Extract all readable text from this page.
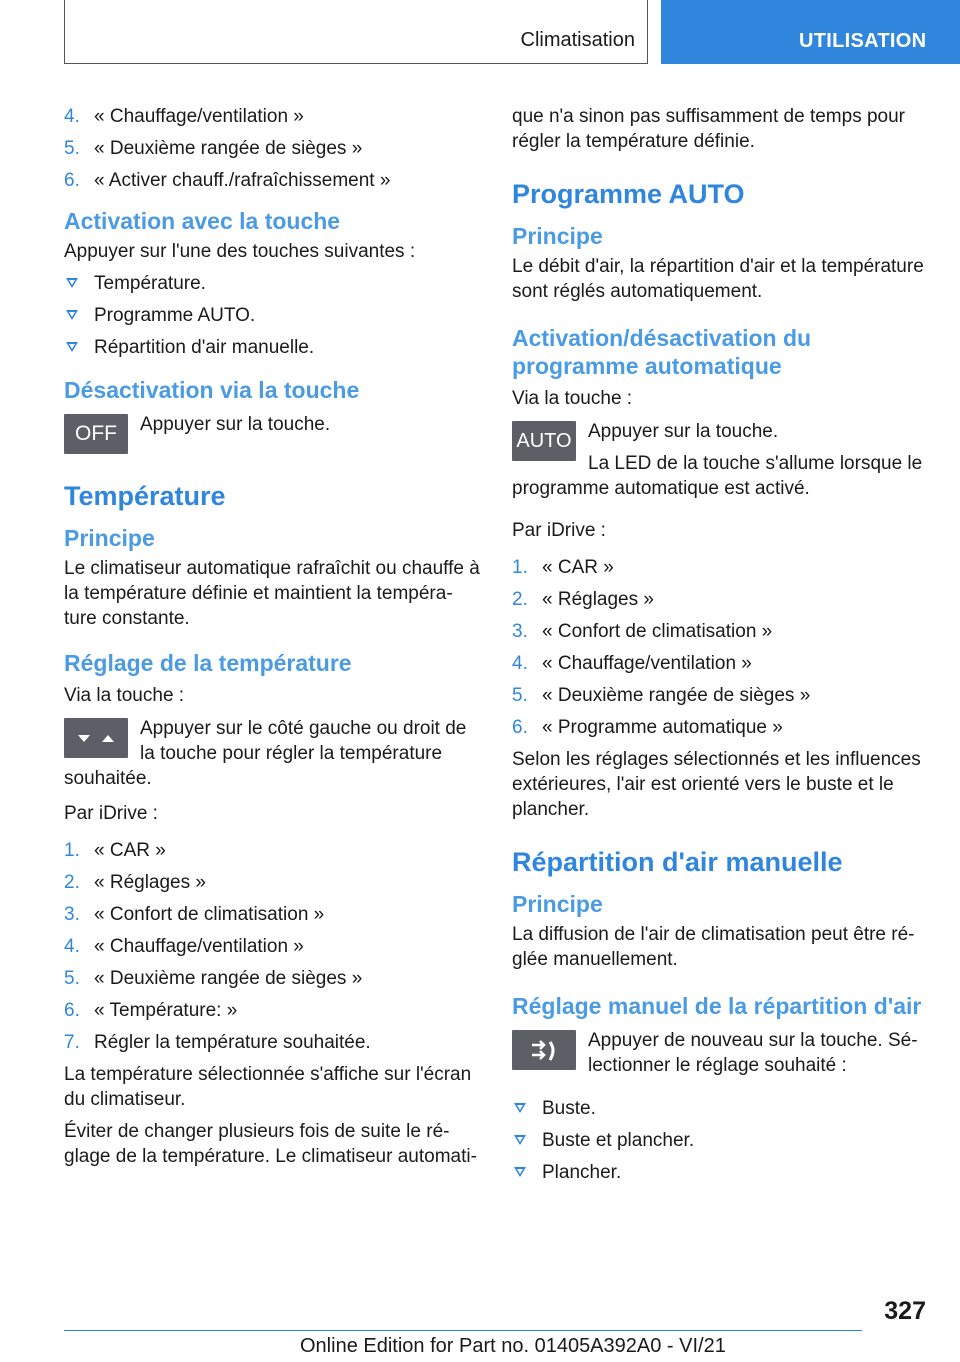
Climatisation	UTILISATION
4. « Chauffage/ventilation »
5. « Deuxième rangée de sièges »
6. « Activer chauff./rafraîchissement »
Activation avec la touche

Appuyer sur l'une des touches suivantes :

Température.
Programme AUTO.
Répartition d'air manuelle.
Désactivation via la touche
OFF	Appuyer sur la touche.
Température
Principe

Le climatiseur automatique rafraîchit ou chauffe à la température définie et maintient la tempéra-ture constante.

Réglage de la température

Via la touche :

Appuyer sur le côté gauche ou droit de la touche pour régler la température souhaitée.

Par iDrive :

1. « CAR »
2. « Réglages »
3. « Confort de climatisation »
4. « Chauffage/ventilation »
5. « Deuxième rangée de sièges »
6. « Température: »
7. Régler la température souhaitée.

La température sélectionnée s'affiche sur l'écran du climatiseur.

Éviter de changer plusieurs fois de suite le ré-glage de la température. Le climatiseur automati-

que n'a sinon pas suffisamment de temps pour régler la température définie.

Programme AUTO
Principe

Le débit d'air, la répartition d'air et la température sont réglés automatiquement.

Activation/désactivation du programme automatique

Via la touche :

AUTO Appuyer sur la touche.

La LED de la touche s'allume lorsque le programme automatique est activé.

Par iDrive :

1. « CAR »
2. « Réglages »
3. « Confort de climatisation »
4. « Chauffage/ventilation »
5. « Deuxième rangée de sièges »
6. « Programme automatique »

Selon les réglages sélectionnés et les influences extérieures, l'air est orienté vers le buste et le plancher.

Répartition d'air manuelle
Principe

La diffusion de l'air de climatisation peut être ré-glée manuellement.

Réglage manuel de la répartition d'air
Appuyer de nouveau sur la touche. Sé-lectionner le réglage souhaité :
Buste.
Buste et plancher.
Plancher.
327
Online Edition for Part no. 01405A392A0 - VI/21
